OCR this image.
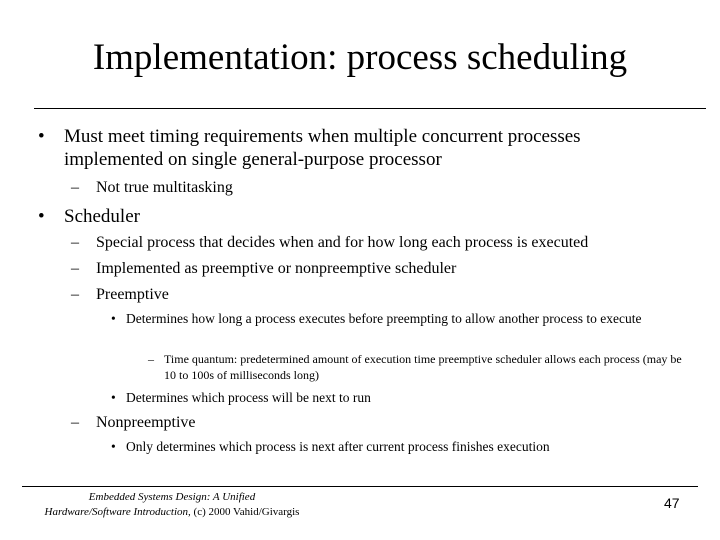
Implementation: process scheduling
• Must meet timing requirements when multiple concurrent processes implemented on single general-purpose processor
– Not true multitasking
• Scheduler
– Special process that decides when and for how long each process is executed
– Implemented as preemptive or nonpreemptive scheduler
– Preemptive
• Determines how long a process executes before preempting to allow another process to execute
– Time quantum: predetermined amount of execution time preemptive scheduler allows each process (may be 10 to 100s of milliseconds long)
• Determines which process will be next to run
– Nonpreemptive
• Only determines which process is next after current process finishes execution
Embedded Systems Design: A Unified
Hardware/Software Introduction, (c) 2000 Vahid/Givargis
47
